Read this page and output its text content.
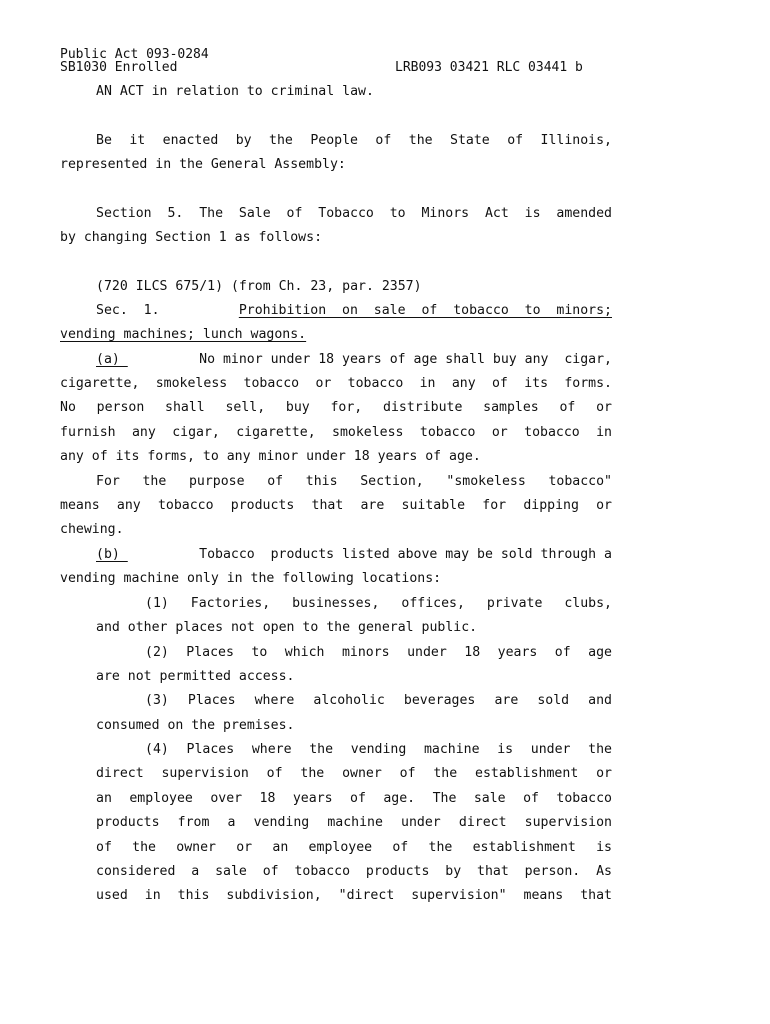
Public Act 093-0284
SB1030 Enrolled	LRB093 03421 RLC 03441 b
AN ACT in relation to criminal law.
Be it enacted by the People of the State of Illinois,
represented in the General Assembly:
Section 5. The Sale of Tobacco to Minors Act is amended
by changing Section 1 as follows:
(720 ILCS 675/1) (from Ch. 23, par. 2357)
Sec.  1.	Prohibition  on  sale  of  tobacco  to  minors;
vending machines; lunch wagons.
(a)	No minor under 18 years of age shall buy any  cigar,
cigarette, smokeless tobacco or tobacco in any of its forms.
No person shall sell, buy for, distribute samples of or
furnish any cigar, cigarette, smokeless tobacco or tobacco in
any of its forms, to any minor under 18 years of age.
For the purpose of this Section, "smokeless tobacco"
means any tobacco products that are suitable for dipping or
chewing.
(b)	Tobacco  products listed above may be sold through a
vending machine only in the following locations:
(1) Factories, businesses, offices, private clubs,
and other places not open to the general public.
(2) Places to which minors under 18 years of age
are not permitted access.
(3) Places where alcoholic beverages are sold and
consumed on the premises.
(4) Places where the vending machine is under the
direct supervision of the owner of the establishment or
an employee over 18 years of age. The sale of tobacco
products from a vending machine under direct supervision
of the owner or an employee of the establishment is
considered a sale of tobacco products by that person. As
used in this subdivision, "direct supervision" means that
